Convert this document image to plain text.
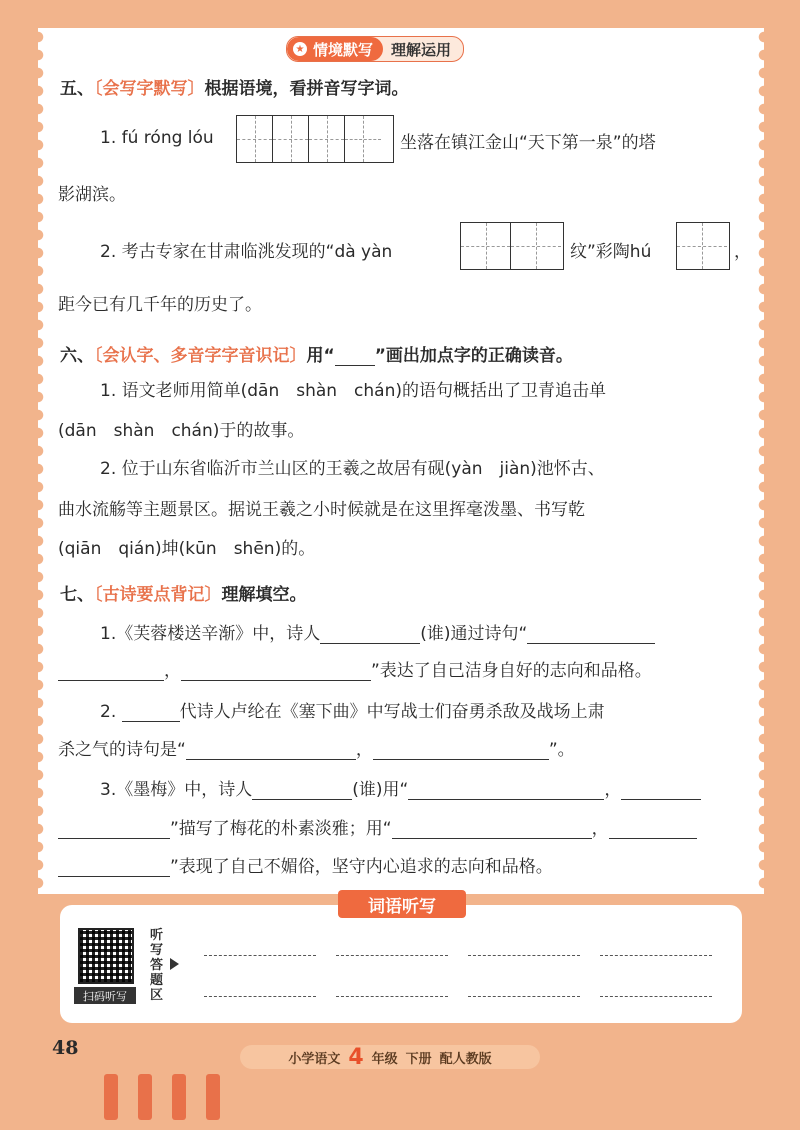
★ 情境默写	理解运用
五、〔会写字默写〕根据语境，看拼音写字词。
1. fú róng lóu	坐落在镇江金山“天下第一泉”的塔
影湖滨。
2. 考古专家在甘肃临洮发现的“dà yàn	纹”彩陶hú	，
距今已有几千年的历史了。
六、〔会认字、多音字字音识记〕用“ ”画出加点字的正确读音。
1. 语文老师用简单(dān　shàn　chán)的语句概括出了卫青追击单
(dān　shàn　chán)于的故事。
2. 位于山东省临沂市兰山区的王羲之故居有砚(yàn　jiàn)池怀古、
曲水流觞等主题景区。据说王羲之小时候就是在这里挥毫泼墨、书写乾
(qiān　qián)坤(kūn　shēn)的。
七、〔古诗要点背记〕理解填空。
1.《芙蓉楼送辛渐》中，诗人	(谁)通过诗句“
，	”表达了自己洁身自好的志向和品格。
2.	代诗人卢纶在《塞下曲》中写战士们奋勇杀敌及战场上肃
杀之气的诗句是“	，	”。
3.《墨梅》中，诗人	(谁)用“	，
”描写了梅花的朴素淡雅；用“	，
”表现了自己不媚俗，坚守内心追求的志向和品格。
词语听写
扫码听写
听写答题区
48	小学语文 4 年级 下册 配人教版
